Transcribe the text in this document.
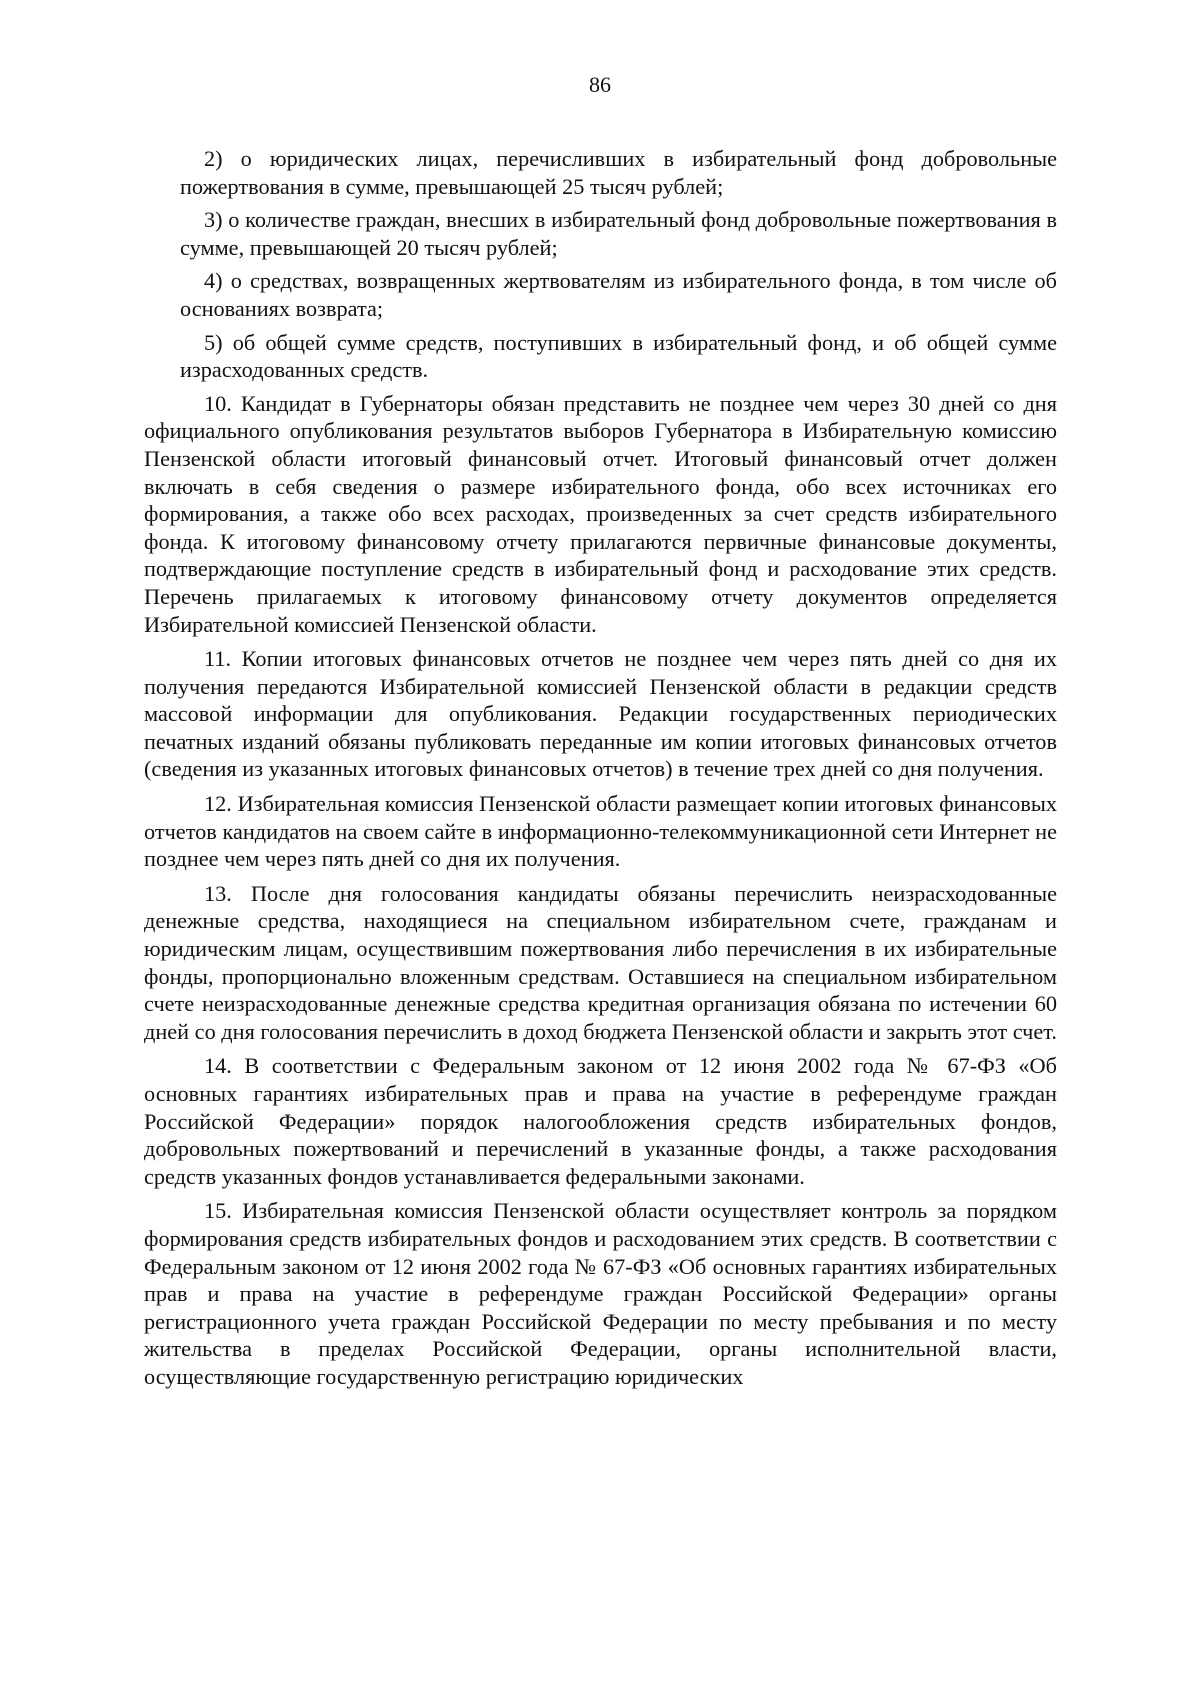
86

2) о юридических лицах, перечисливших в избирательный фонд добровольные пожертвования в сумме, превышающей 25 тысяч рублей;

3) о количестве граждан, внесших в избирательный фонд добровольные пожертвования в сумме, превышающей 20 тысяч рублей;

4) о средствах, возвращенных жертвователям из избирательного фонда, в том числе об основаниях возврата;

5) об общей сумме средств, поступивших в избирательный фонд, и об общей сумме израсходованных средств.

10. Кандидат в Губернаторы обязан представить не позднее чем через 30 дней со дня официального опубликования результатов выборов Губернатора в Избирательную комиссию Пензенской области итоговый финансовый отчет. Итоговый финансовый отчет должен включать в себя сведения о размере избирательного фонда, обо всех источниках его формирования, а также обо всех расходах, произведенных за счет средств избирательного фонда. К итоговому финансовому отчету прилагаются первичные финансовые документы, подтверждающие поступление средств в избирательный фонд и расходование этих средств. Перечень прилагаемых к итоговому финансовому отчету документов определяется Избирательной комиссией Пензенской области.

11. Копии итоговых финансовых отчетов не позднее чем через пять дней со дня их получения передаются Избирательной комиссией Пензенской области в редакции средств массовой информации для опубликования. Редакции государственных периодических печатных изданий обязаны публиковать переданные им копии итоговых финансовых отчетов (сведения из указанных итоговых финансовых отчетов) в течение трех дней со дня получения.

12. Избирательная комиссия Пензенской области размещает копии итоговых финансовых отчетов кандидатов на своем сайте в информационно-телекоммуникационной сети Интернет не позднее чем через пять дней со дня их получения.

13. После дня голосования кандидаты обязаны перечислить неизрасходованные денежные средства, находящиеся на специальном избирательном счете, гражданам и юридическим лицам, осуществившим пожертвования либо перечисления в их избирательные фонды, пропорционально вложенным средствам. Оставшиеся на специальном избирательном счете неизрасходованные денежные средства кредитная организация обязана по истечении 60 дней со дня голосования перечислить в доход бюджета Пензенской области и закрыть этот счет.

14. В соответствии с Федеральным законом от 12 июня 2002 года № 67-ФЗ «Об основных гарантиях избирательных прав и права на участие в референдуме граждан Российской Федерации» порядок налогообложения средств избирательных фондов, добровольных пожертвований и перечислений в указанные фонды, а также расходования средств указанных фондов устанавливается федеральными законами.

15. Избирательная комиссия Пензенской области осуществляет контроль за порядком формирования средств избирательных фондов и расходованием этих средств. В соответствии с Федеральным законом от 12 июня 2002 года № 67-ФЗ «Об основных гарантиях избирательных прав и права на участие в референдуме граждан Российской Федерации» органы регистрационного учета граждан Российской Федерации по месту пребывания и по месту жительства в пределах Российской Федерации, органы исполнительной власти, осуществляющие государственную регистрацию юридических
